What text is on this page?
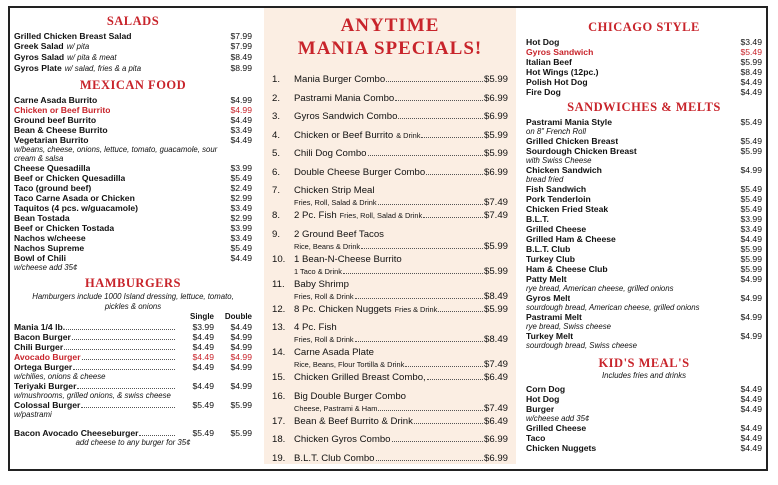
SALADS
Grilled Chicken Breast Salad	$7.99
Greek Salad w/ pita	$7.99
Gyros Salad w/ pita & meat	$8.49
Gyros Plate w/ salad, fries & a pita	$8.99
MEXICAN FOOD
Carne Asada Burrito	$4.99
Chicken or Beef Burrito	$4.99
Ground beef Burrito	$4.49
Bean & Cheese Burrito	$3.49
Vegetarian Burrito	$4.49
w/beans, cheese, onions, lettuce, tomato, guacamole, sour cream & salsa
Cheese Quesadilla	$3.99
Beef or Chicken Quesadilla	$5.49
Taco (ground beef)	$2.49
Taco Carne Asada or Chicken	$2.99
Taquitos (4 pcs. w/guacamole)	$3.49
Bean Tostada	$2.99
Beef or Chicken Tostada	$3.99
Nachos w/cheese	$3.49
Nachos Supreme	$5.49
Bowl of Chili	$4.49
w/cheese add 35¢
HAMBURGERS
Hamburgers include 1000 Island dressing, lettuce, tomato, pickles & onions
Single	Double
Mania 1/4 lb.	$3.99	$4.49
Bacon Burger	$4.49	$4.99
Chili Burger	$4.49	$4.99
Avocado Burger	$4.49	$4.99
Ortega Burger	$4.49	$4.99
w/chilies, onions & cheese
Teriyaki Burger	$4.49	$4.99
w/mushrooms, grilled onions, & swiss cheese
Colossal Burger	$5.49	$5.99
w/pastrami
Bacon Avocado Cheeseburger	$5.49	$5.99
add cheese to any burger for 35¢
ANYTIME
MANIA SPECIALS!
1.	Mania Burger Combo	$5.99
2.	Pastrami Mania Combo	$6.99
3.	Gyros Sandwich Combo	$6.99
4.	Chicken or Beef Burrito & Drink	$5.99
5.	Chili Dog Combo	$5.99
6.	Double Cheese Burger Combo	$6.99
7.	Chicken Strip Meal
Fries, Roll, Salad & Drink	$7.49
8.	2 Pc. Fish Fries, Roll, Salad & Drink	$7.49
9.	2 Ground Beef Tacos
Rice, Beans & Drink	$5.99
10. 1 Bean-N-Cheese Burrito
1 Taco & Drink	$5.99
11. Baby Shrimp
Fries, Roll & Drink	$8.49
12. 8 Pc. Chicken Nuggets Fries & Drink	$5.99
13. 4 Pc. Fish
Fries, Roll & Drink	$8.49
14. Carne Asada Plate
Rice, Beans, Flour Tortilla & Drink	$7.49
15. Chicken Grilled Breast Combo,	$6.49
16. Big Double Burger Combo
Cheese, Pastrami & Ham	$7.49
17. Bean & Beef Burrito & Drink	$6.49
18. Chicken Gyros Combo	$6.99
19. B.L.T. Club Combo	$6.99
CHICAGO STYLE
Hot Dog	$3.49
Gyros Sandwich	$5.49
Italian Beef	$5.99
Hot Wings (12pc.)	$8.49
Polish Hot Dog	$4.49
Fire Dog	$4.49
SANDWICHES & MELTS
Pastrami Mania Style	$5.49
on 8" French Roll
Grilled Chicken Breast	$5.49
Sourdough Chicken Breast	$5.99
with Swiss Cheese
Chicken Sandwich	$4.99
bread fried
Fish Sandwich	$5.49
Pork Tenderloin	$5.49
Chicken Fried Steak	$5.49
B.L.T.	$3.99
Grilled Cheese	$3.49
Grilled Ham & Cheese	$4.49
B.L.T. Club	$5.99
Turkey Club	$5.99
Ham & Cheese Club	$5.99
Patty Melt	$4.99
rye bread, American cheese, grilled onions
Gyros Melt	$4.99
sourdough bread, American cheese, grilled onions
Pastrami Melt	$4.99
rye bread, Swiss cheese
Turkey Melt	$4.99
sourdough bread, Swiss cheese
KID'S MEAL'S
Includes fries and drinks
Corn Dog	$4.49
Hot Dog	$4.49
Burger	$4.49
w/cheese add 35¢
Grilled Cheese	$4.49
Taco	$4.49
Chicken Nuggets	$4.49
